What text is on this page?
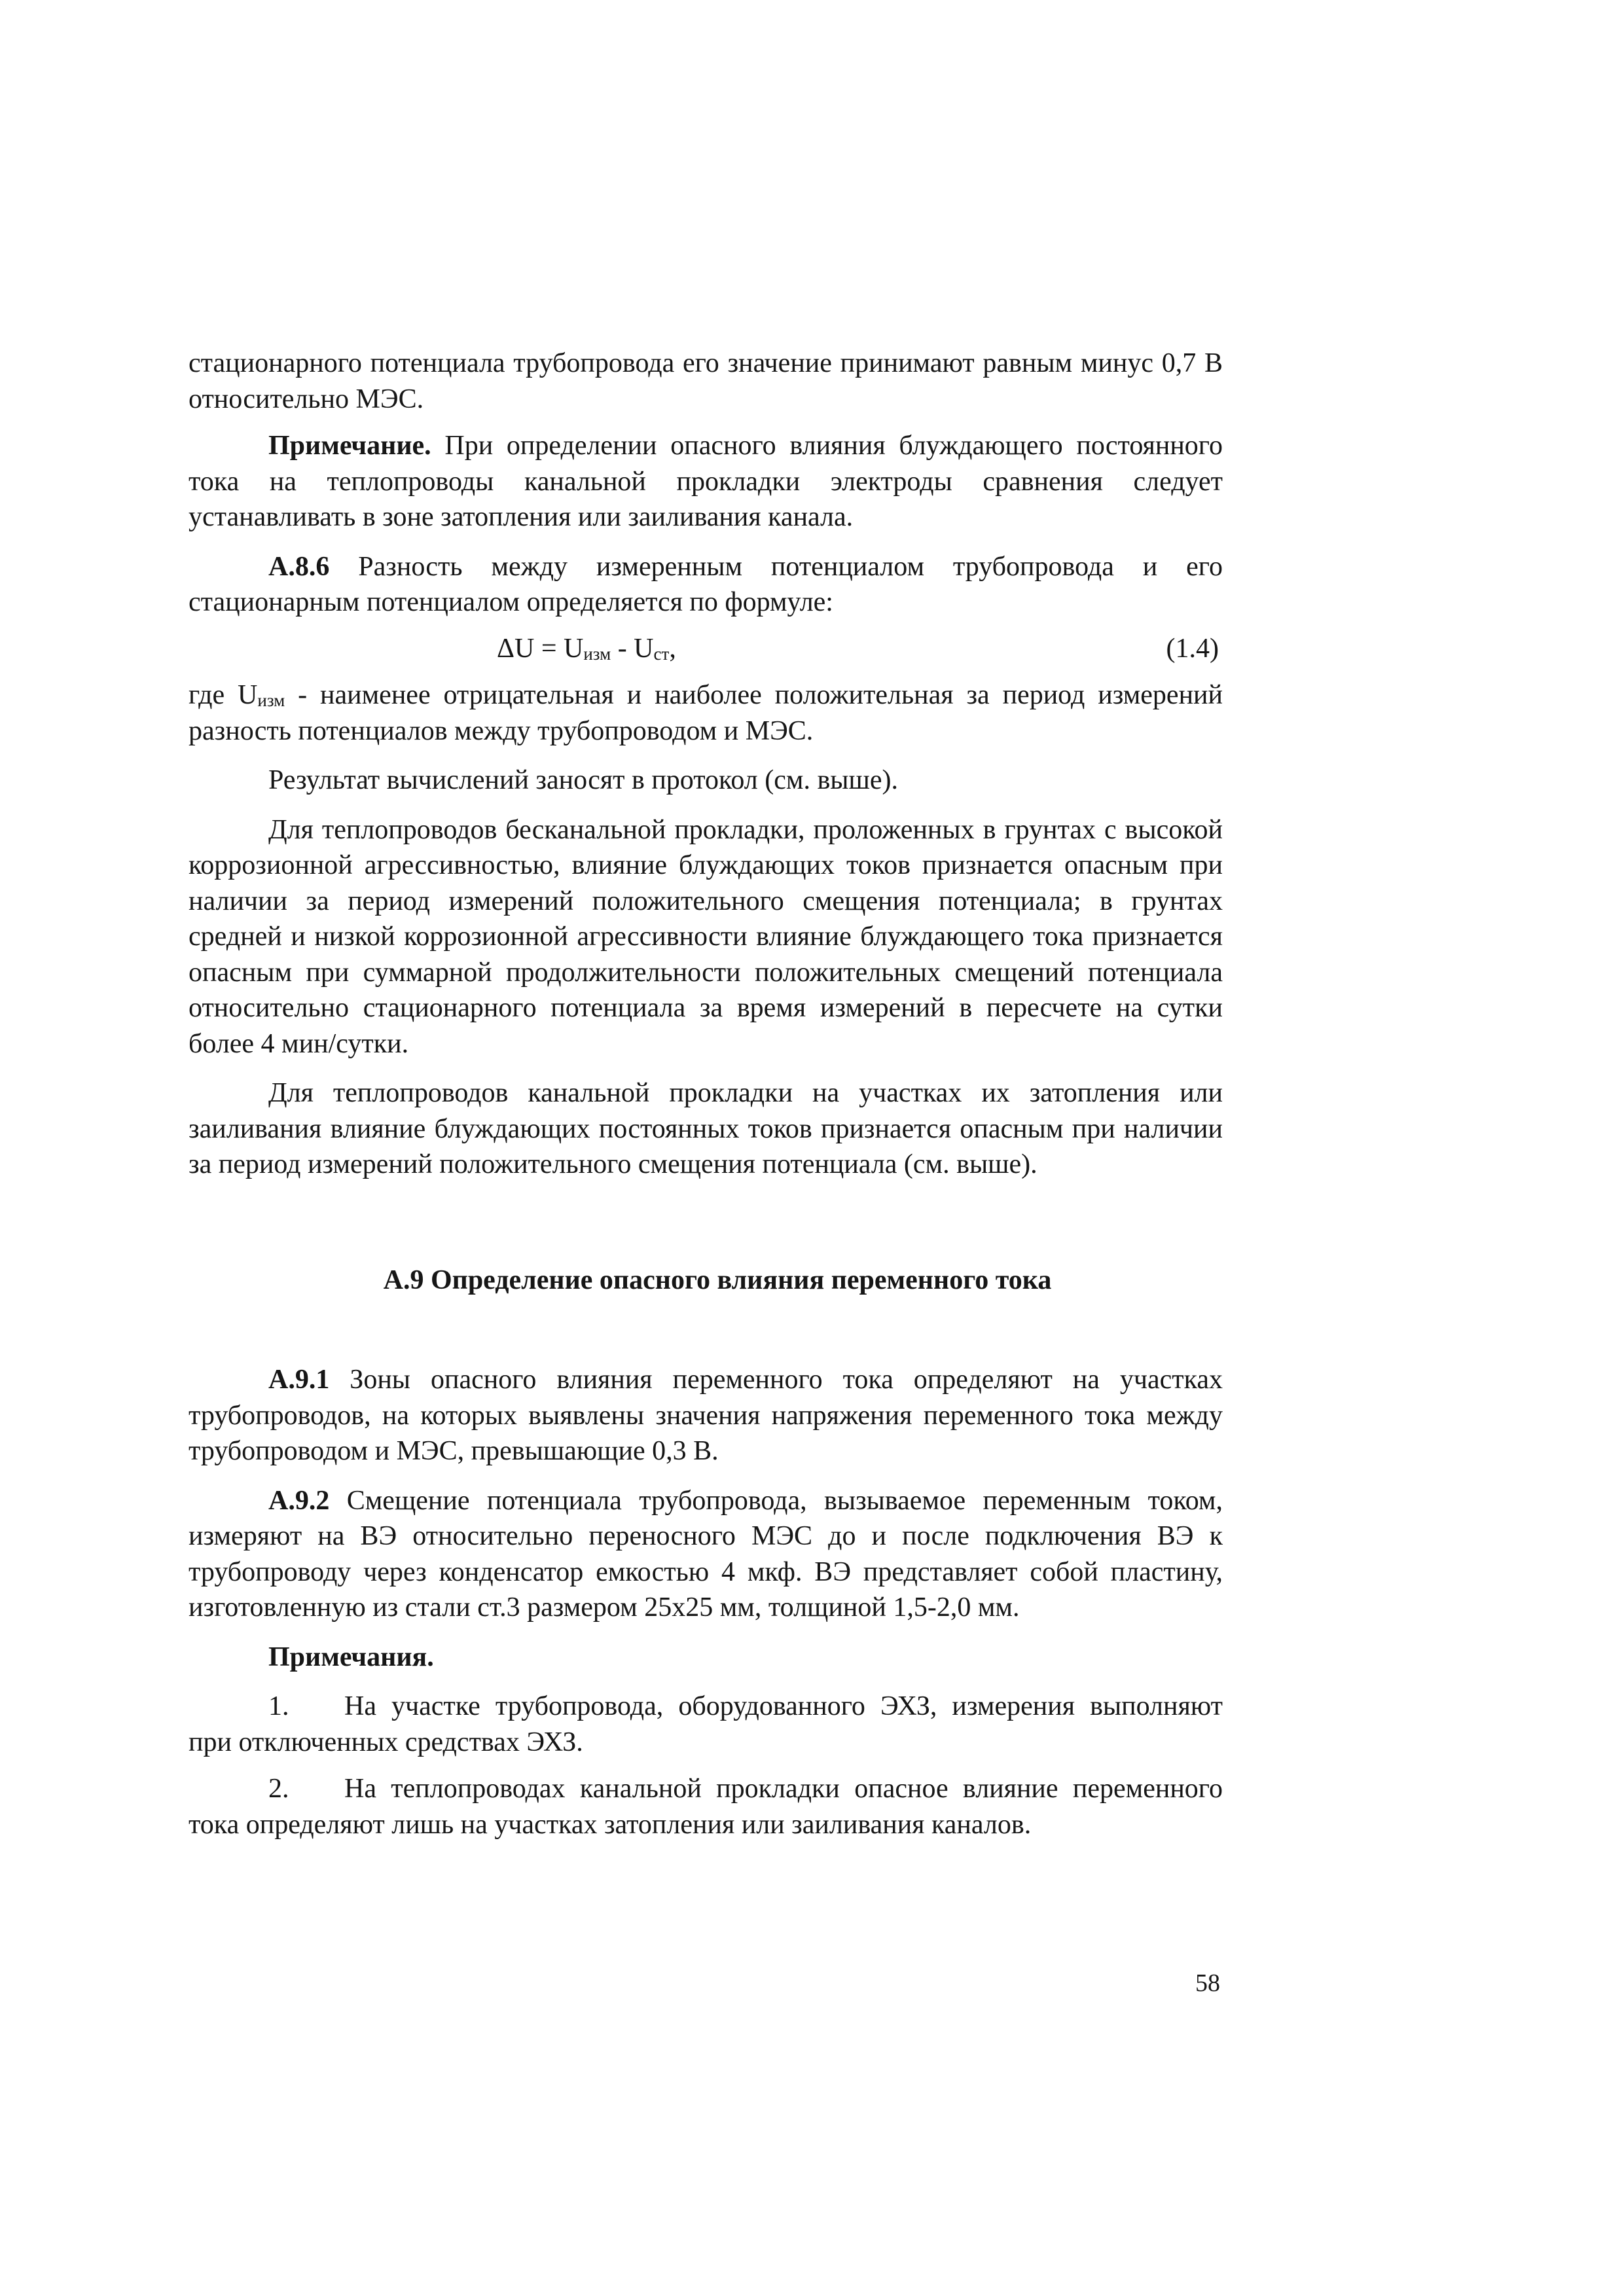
стационарного потенциала трубопровода его значение принимают равным минус 0,7 В относительно МЭС.

Примечание. При определении опасного влияния блуждающего постоянного тока на теплопроводы канальной прокладки электроды сравнения следует устанавливать в зоне затопления или заиливания канала.

А.8.6 Разность между измеренным потенциалом трубопровода и его стационарным потенциалом определяется по формуле:

$\Delta U = U_{изм} - U_{ст}$,	(1.4)

где $U_{изм}$ - наименее отрицательная и наиболее положительная за период измерений разность потенциалов между трубопроводом и МЭС.

Результат вычислений заносят в протокол (см. выше).

Для теплопроводов бесканальной прокладки, проложенных в грунтах с высокой коррозионной агрессивностью, влияние блуждающих токов признается опасным при наличии за период измерений положительного смещения потенциала; в грунтах средней и низкой коррозионной агрессивности влияние блуждающего тока признается опасным при суммарной продолжительности положительных смещений потенциала относительно стационарного потенциала за время измерений в пересчете на сутки более 4 мин/сутки.

Для теплопроводов канальной прокладки на участках их затопления или заиливания влияние блуждающих постоянных токов признается опасным при наличии за период измерений положительного смещения потенциала (см. выше).

А.9 Определение опасного влияния переменного тока

А.9.1 Зоны опасного влияния переменного тока определяют на участках трубопроводов, на которых выявлены значения напряжения переменного тока между трубопроводом и МЭС, превышающие 0,3 В.

А.9.2 Смещение потенциала трубопровода, вызываемое переменным током, измеряют на ВЭ относительно переносного МЭС до и после подключения ВЭ к трубопроводу через конденсатор емкостью 4 мкф. ВЭ представляет собой пластину, изготовленную из стали ст.3 размером 25х25 мм, толщиной 1,5-2,0 мм.

Примечания.

1. На участке трубопровода, оборудованного ЭХЗ, измерения выполняют при отключенных средствах ЭХЗ.

2. На теплопроводах канальной прокладки опасное влияние переменного тока определяют лишь на участках затопления или заиливания каналов.

58
